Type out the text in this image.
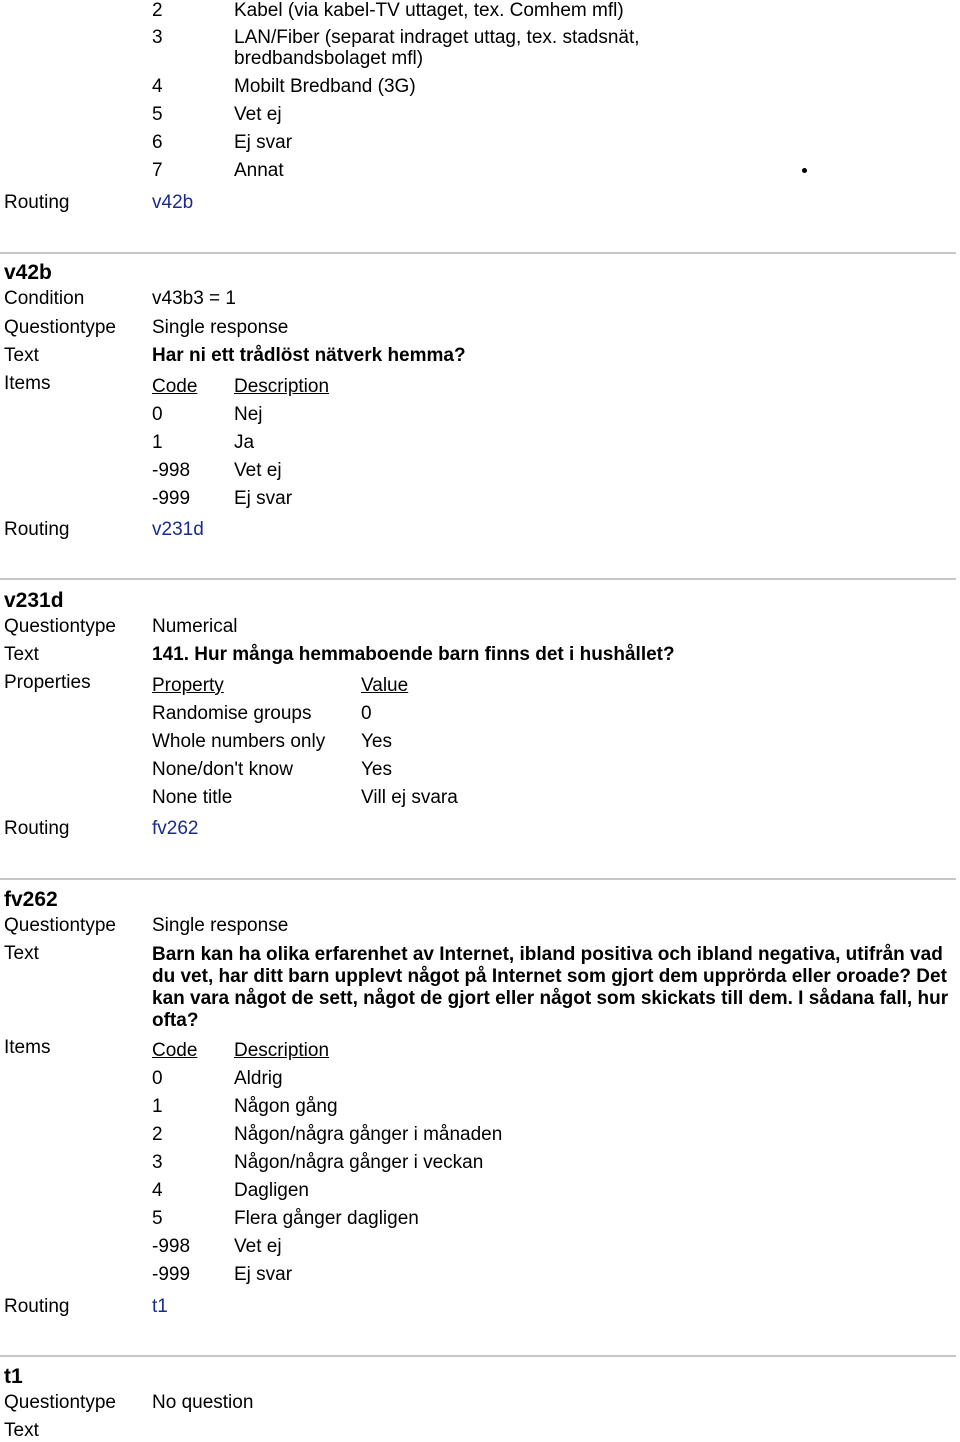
2	Kabel (via kabel-TV uttaget, tex. Comhem mfl)
3	LAN/Fiber (separat indraget uttag, tex. stadsnät,
bredbandsbolaget mfl)
4	Mobilt Bredband (3G)
5	Vet ej
6	Ej svar
7	Annat
Routing	v42b
v42b
Condition	v43b3 = 1
Questiontype Single response
Text	Har ni ett trådlöst nätverk hemma?
Items	Code Description
0	Nej
1	Ja
-998 Vet ej
-999 Ej svar
Routing	v231d
v231d
Questiontype Numerical
Text	141. Hur många hemmaboende barn finns det i hushållet?
Properties	Property	Value
Randomise groups	0
Whole numbers only Yes
None/don't know	Yes
None title	Vill ej svara
Routing	fv262
fv262
Questiontype Single response
Text	Barn kan ha olika erfarenhet av Internet, ibland positiva och ibland negativa, utifrån vad
du vet, har ditt barn upplevt något på Internet som gjort dem upprörda eller oroade? Det
kan vara något de sett, något de gjort eller något som skickats till dem. I sådana fall, hur
ofta?
Items	Code Description
0	Aldrig
1	Någon gång
2	Någon/några gånger i månaden
3	Någon/några gånger i veckan
4	Dagligen
5	Flera gånger dagligen
-998 Vet ej
-999 Ej svar
Routing	t1
t1
Questiontype No question
Text
